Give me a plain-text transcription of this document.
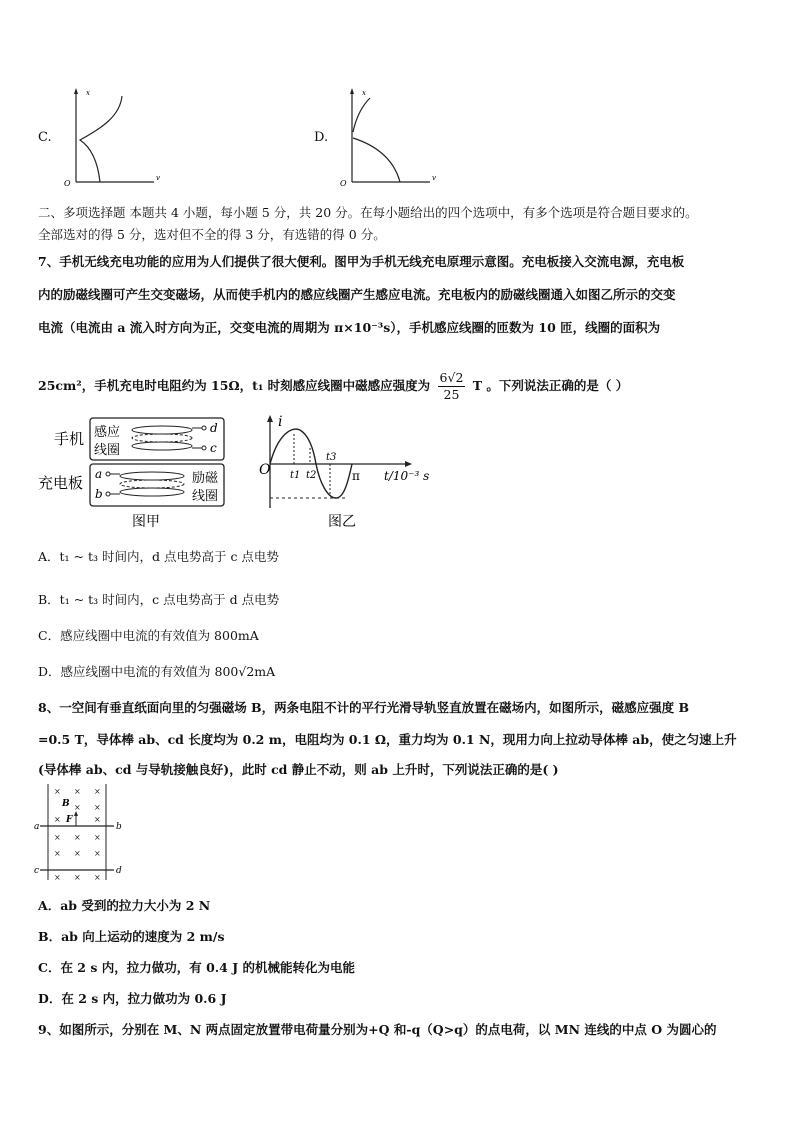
C.
x
v
O
D.
x
v
O
二、多项选择题 本题共 4 小题，每小题 5 分，共 20 分。在每小题给出的四个选项中，有多个选项是符合题目要求的。
全部选对的得 5 分，选对但不全的得 3 分，有选错的得 0 分。
7、手机无线充电功能的应用为人们提供了很大便利。图甲为手机无线充电原理示意图。充电板接入交流电源，充电板
内的励磁线圈可产生交变磁场，从而使手机内的感应线圈产生感应电流。充电板内的励磁线圈通入如图乙所示的交变
电流（电流由 a 流入时方向为正，交变电流的周期为 π×10⁻³s），手机感应线圈的匝数为 10 匝，线圈的面积为
25cm²，手机充电时电阻约为 15Ω，t₁ 时刻感应线圈中磁感应强度为 $\frac{6√2}{25}$ T 。下列说法正确的是（ ）
手机 感应
线圈
d
c
充电板 a
b
励磁
线圈
图甲
i
O t1 t2
t3
π t/10⁻³ s
图乙
A．t₁ ~ t₃ 时间内，d 点电势高于 c 点电势
B．t₁ ~ t₃ 时间内，c 点电势高于 d 点电势
C．感应线圈中电流的有效值为 800mA
D．感应线圈中电流的有效值为 800√2mA
8、一空间有垂直纸面向里的匀强磁场 B，两条电阻不计的平行光滑导轨竖直放置在磁场内，如图所示，磁感应强度 B
=0.5 T，导体棒 ab、cd 长度均为 0.2 m，电阻均为 0.1 Ω，重力均为 0.1 N，现用力向上拉动导体棒 ab，使之匀速上升
(导体棒 ab、cd 与导轨接触良好)，此时 cd 静止不动，则 ab 上升时，下列说法正确的是( )
× × ×
× ×
×	×
× × ×
× × ×
× × ×
B
F
a	b
c	d
A．ab 受到的拉力大小为 2 N
B．ab 向上运动的速度为 2 m/s
C．在 2 s 内，拉力做功，有 0.4 J 的机械能转化为电能
D．在 2 s 内，拉力做功为 0.6 J
9、如图所示，分别在 M、N 两点固定放置带电荷量分别为+Q 和-q（Q>q）的点电荷，以 MN 连线的中点 O 为圆心的
